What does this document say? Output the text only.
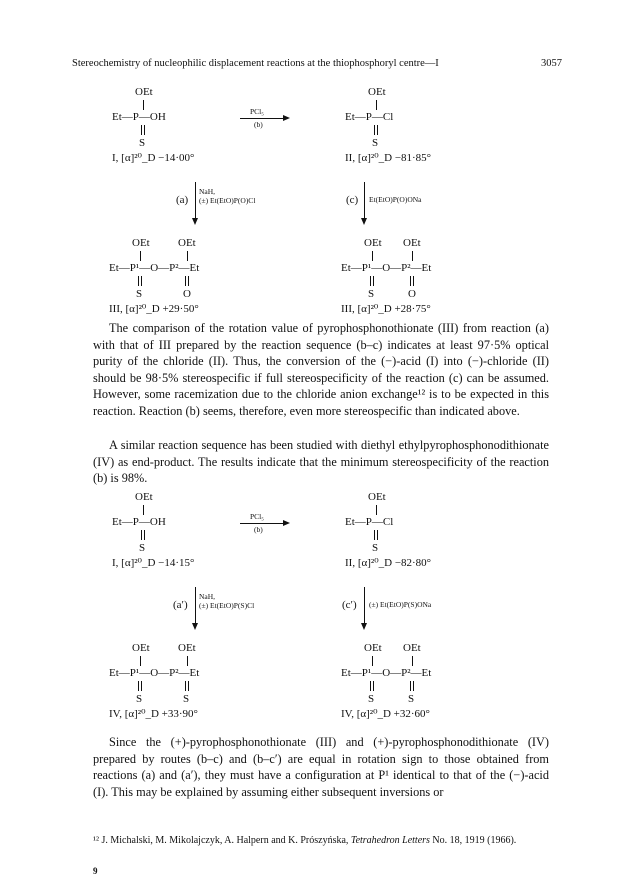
Stereochemistry of nucleophilic displacement reactions at the thiophosphoryl centre—I	3057
OEt
Et—P—OH
S
I, [α]²⁰_D −14·00°
PCl₅
(b)
OEt
Et—P—Cl
S
II, [α]²⁰_D −81·85°
(a)
NaH,
(±) Et(EtO)P(O)Cl	(c) Et(EtO)P(O)ONa
OEt	OEt
Et—P¹—O—P²—Et
S	O
III, [α]²⁰_D +29·50°
OEt OEt
Et—P¹—O—P²—Et
S	O
III, [α]²⁰_D +28·75°

The comparison of the rotation value of pyrophosphonothionate (III) from reaction (a) with that of III prepared by the reaction sequence (b–c) indicates at least 97·5% optical purity of the chloride (II). Thus, the conversion of the (−)-acid (I) into (−)-chloride (II) should be 98·5% stereospecific if full stereospecificity of the reaction (c) can be assumed. However, some racemization due to the chloride anion exchange¹² is to be expected in this reaction. Reaction (b) seems, therefore, even more stereospecific than indicated above.

A similar reaction sequence has been studied with diethyl ethylpyrophosphonodithionate (IV) as end-product. The results indicate that the minimum stereospecificity of the reaction (b) is 98%.

OEt
Et—P—OH
S
I, [α]²⁰_D −14·15°
PCl₅
(b)
OEt
Et—P—Cl
S
II, [α]²⁰_D −82·80°
(a′)
NaH,
(±) Et(EtO)P(S)Cl	(c′) (±) Et(EtO)P(S)ONa
OEt	OEt
Et—P¹—O—P²—Et
S	S
IV, [α]²⁰_D +33·90°
OEt OEt
Et—P¹—O—P²—Et
S	S
IV, [α]²⁰_D +32·60°

Since the (+)-pyrophosphonothionate (III) and (+)-pyrophosphonodithionate (IV) prepared by routes (b–c) and (b–c′) are equal in rotation sign to those obtained from reactions (a) and (a′), they must have a configuration at P¹ identical to that of the (−)-acid (I). This may be explained by assuming either subsequent inversions or

¹² J. Michalski, M. Mikolajczyk, A. Halpern and K. Prószyńska, Tetrahedron Letters No. 18, 1919 (1966).
9
